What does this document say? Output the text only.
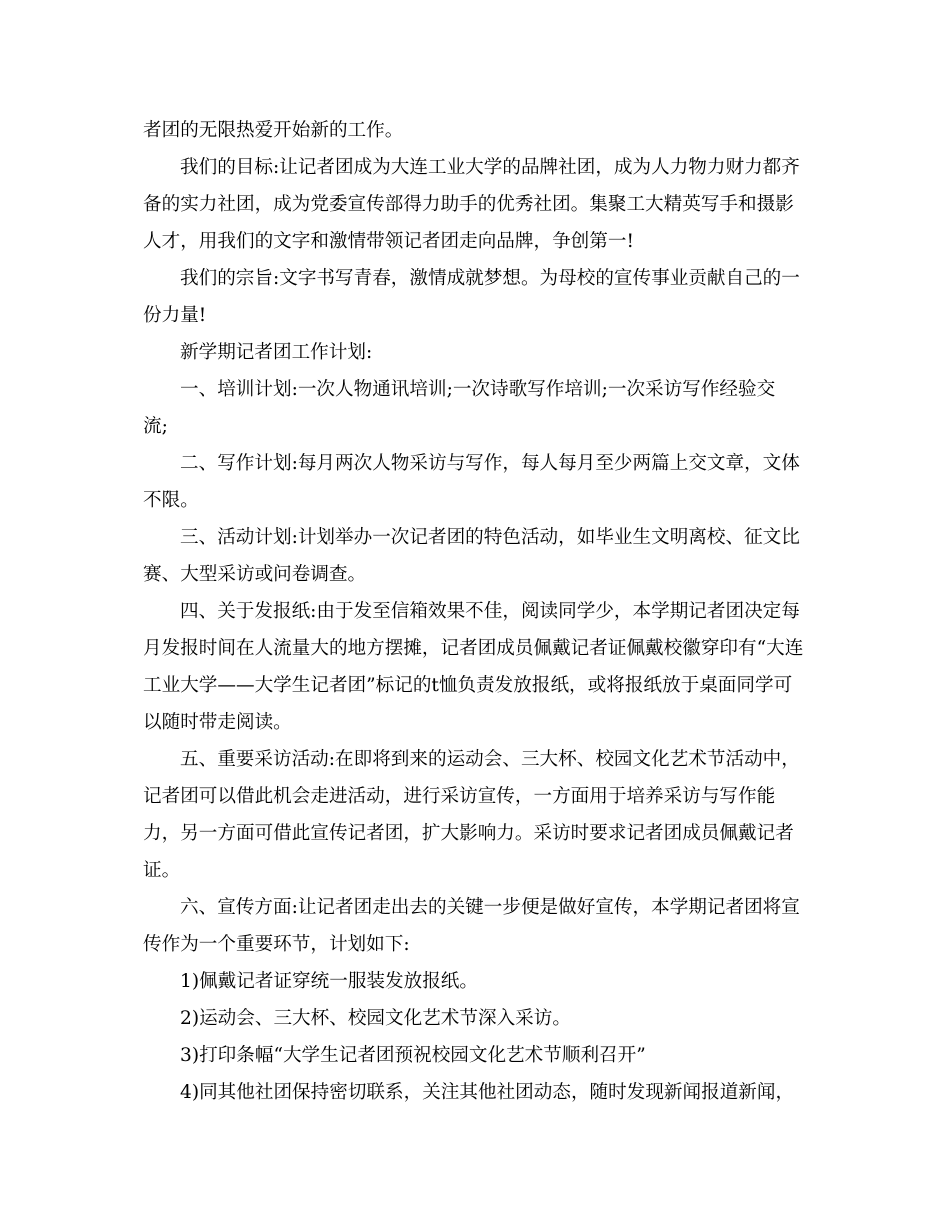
者团的无限热爱开始新的工作。
我们的目标:让记者团成为大连工业大学的品牌社团，成为人力物力财力都齐
备的实力社团，成为党委宣传部得力助手的优秀社团。集聚工大精英写手和摄影
人才，用我们的文字和激情带领记者团走向品牌，争创第一!
我们的宗旨:文字书写青春，激情成就梦想。为母校的宣传事业贡献自己的一
份力量!
新学期记者团工作计划:
一、培训计划:一次人物通讯培训;一次诗歌写作培训;一次采访写作经验交
流;
二、写作计划:每月两次人物采访与写作，每人每月至少两篇上交文章，文体
不限。
三、活动计划:计划举办一次记者团的特色活动，如毕业生文明离校、征文比
赛、大型采访或问卷调查。
四、关于发报纸:由于发至信箱效果不佳，阅读同学少，本学期记者团决定每
月发报时间在人流量大的地方摆摊，记者团成员佩戴记者证佩戴校徽穿印有“大连
工业大学——大学生记者团”标记的t恤负责发放报纸，或将报纸放于桌面同学可
以随时带走阅读。
五、重要采访活动:在即将到来的运动会、三大杯、校园文化艺术节活动中，
记者团可以借此机会走进活动，进行采访宣传，一方面用于培养采访与写作能
力，另一方面可借此宣传记者团，扩大影响力。采访时要求记者团成员佩戴记者
证。
六、宣传方面:让记者团走出去的关键一步便是做好宣传，本学期记者团将宣
传作为一个重要环节，计划如下:
1)佩戴记者证穿统一服装发放报纸。
2)运动会、三大杯、校园文化艺术节深入采访。
3)打印条幅“大学生记者团预祝校园文化艺术节顺利召开”
4)同其他社团保持密切联系，关注其他社团动态，随时发现新闻报道新闻，
